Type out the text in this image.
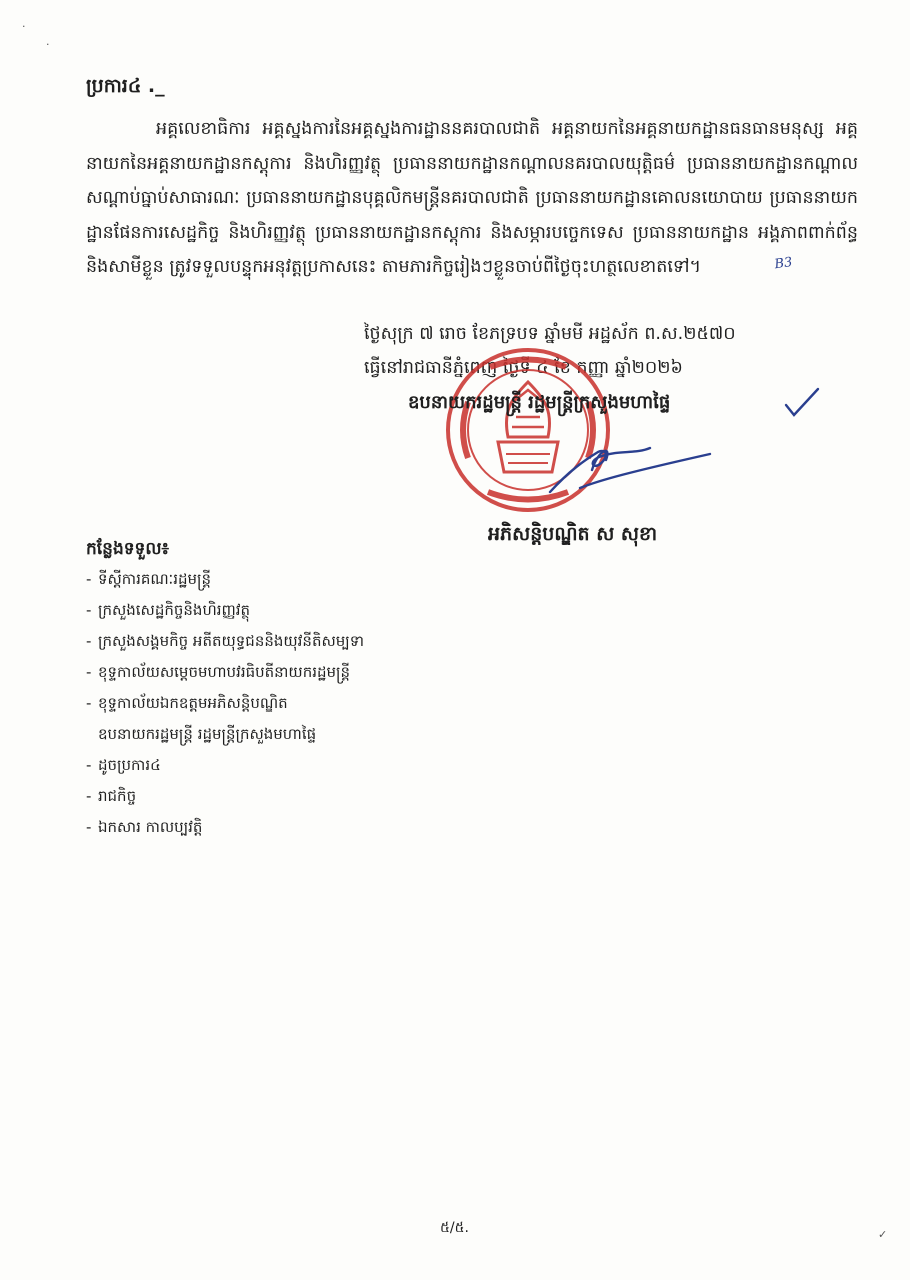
·
·
✓
ប្រការ៤ ._
អគ្គលេខាធិការ អគ្គស្នងការនៃអគ្គស្នងការដ្ឋាននគរបាលជាតិ អគ្គនាយកនៃអគ្គនាយកដ្ឋានធនធានមនុស្ស អគ្គនាយកនៃអគ្គនាយកដ្ឋានកស្ដុការ និងហិរញ្ញវត្ថុ ប្រធាននាយកដ្ឋានកណ្ដាលនគរបាលយុត្តិធម៌ ប្រធាននាយកដ្ឋានកណ្ដាលសណ្ដាប់ធ្នាប់សាធារណៈ ប្រធាននាយកដ្ឋានបុគ្គលិកមន្ត្រីនគរបាលជាតិ ប្រធាននាយកដ្ឋានគោលនយោបាយ ប្រធាននាយកដ្ឋានផែនការសេដ្ឋកិច្ច និងហិរញ្ញវត្ថុ ប្រធាននាយកដ្ឋានកស្ដុការ និងសម្ភារបច្ចេកទេស ប្រធាននាយកដ្ឋាន អង្គភាពពាក់ព័ន្ធ និងសាមីខ្លួន ត្រូវទទួលបន្ទុកអនុវត្តប្រកាសនេះ តាមភារកិច្ចរៀងៗខ្លួនចាប់ពីថ្ងៃចុះហត្ថលេខាតទៅ។	B3
ថ្ងៃសុក្រ ៧ រោច ខែភទ្របទ ឆ្នាំមមី អដ្ឋស័ក ព.ស.២៥៧០
ធ្វើនៅរាជធានីភ្នំពេញ ថ្ងៃទី ៤ ខែ កញ្ញា ឆ្នាំ២០២៦
ឧបនាយករដ្ឋមន្ត្រី រដ្ឋមន្ត្រីក្រសួងមហាផ្ទៃ
អភិសន្ដិបណ្ឌិត ស សុខា
កន្លែងទទួល៖
- ទីស្ដីការគណៈរដ្ឋមន្ត្រី
- ក្រសួងសេដ្ឋកិច្ចនិងហិរញ្ញវត្ថុ
- ក្រសួងសង្គមកិច្ច អតីតយុទ្ធជននិងយុវនីតិសម្បទា
- ខុទ្ទកាល័យសម្ដេចមហាបវរធិបតីនាយករដ្ឋមន្ត្រី
- ខុទ្ទកាល័យឯកឧត្តមអភិសន្ដិបណ្ឌិត
ឧបនាយករដ្ឋមន្ត្រី រដ្ឋមន្ត្រីក្រសួងមហាផ្ទៃ
- ដូចប្រការ៤
- រាជកិច្ច
- ឯកសារ កាលប្បវត្តិ
៥/៥.
